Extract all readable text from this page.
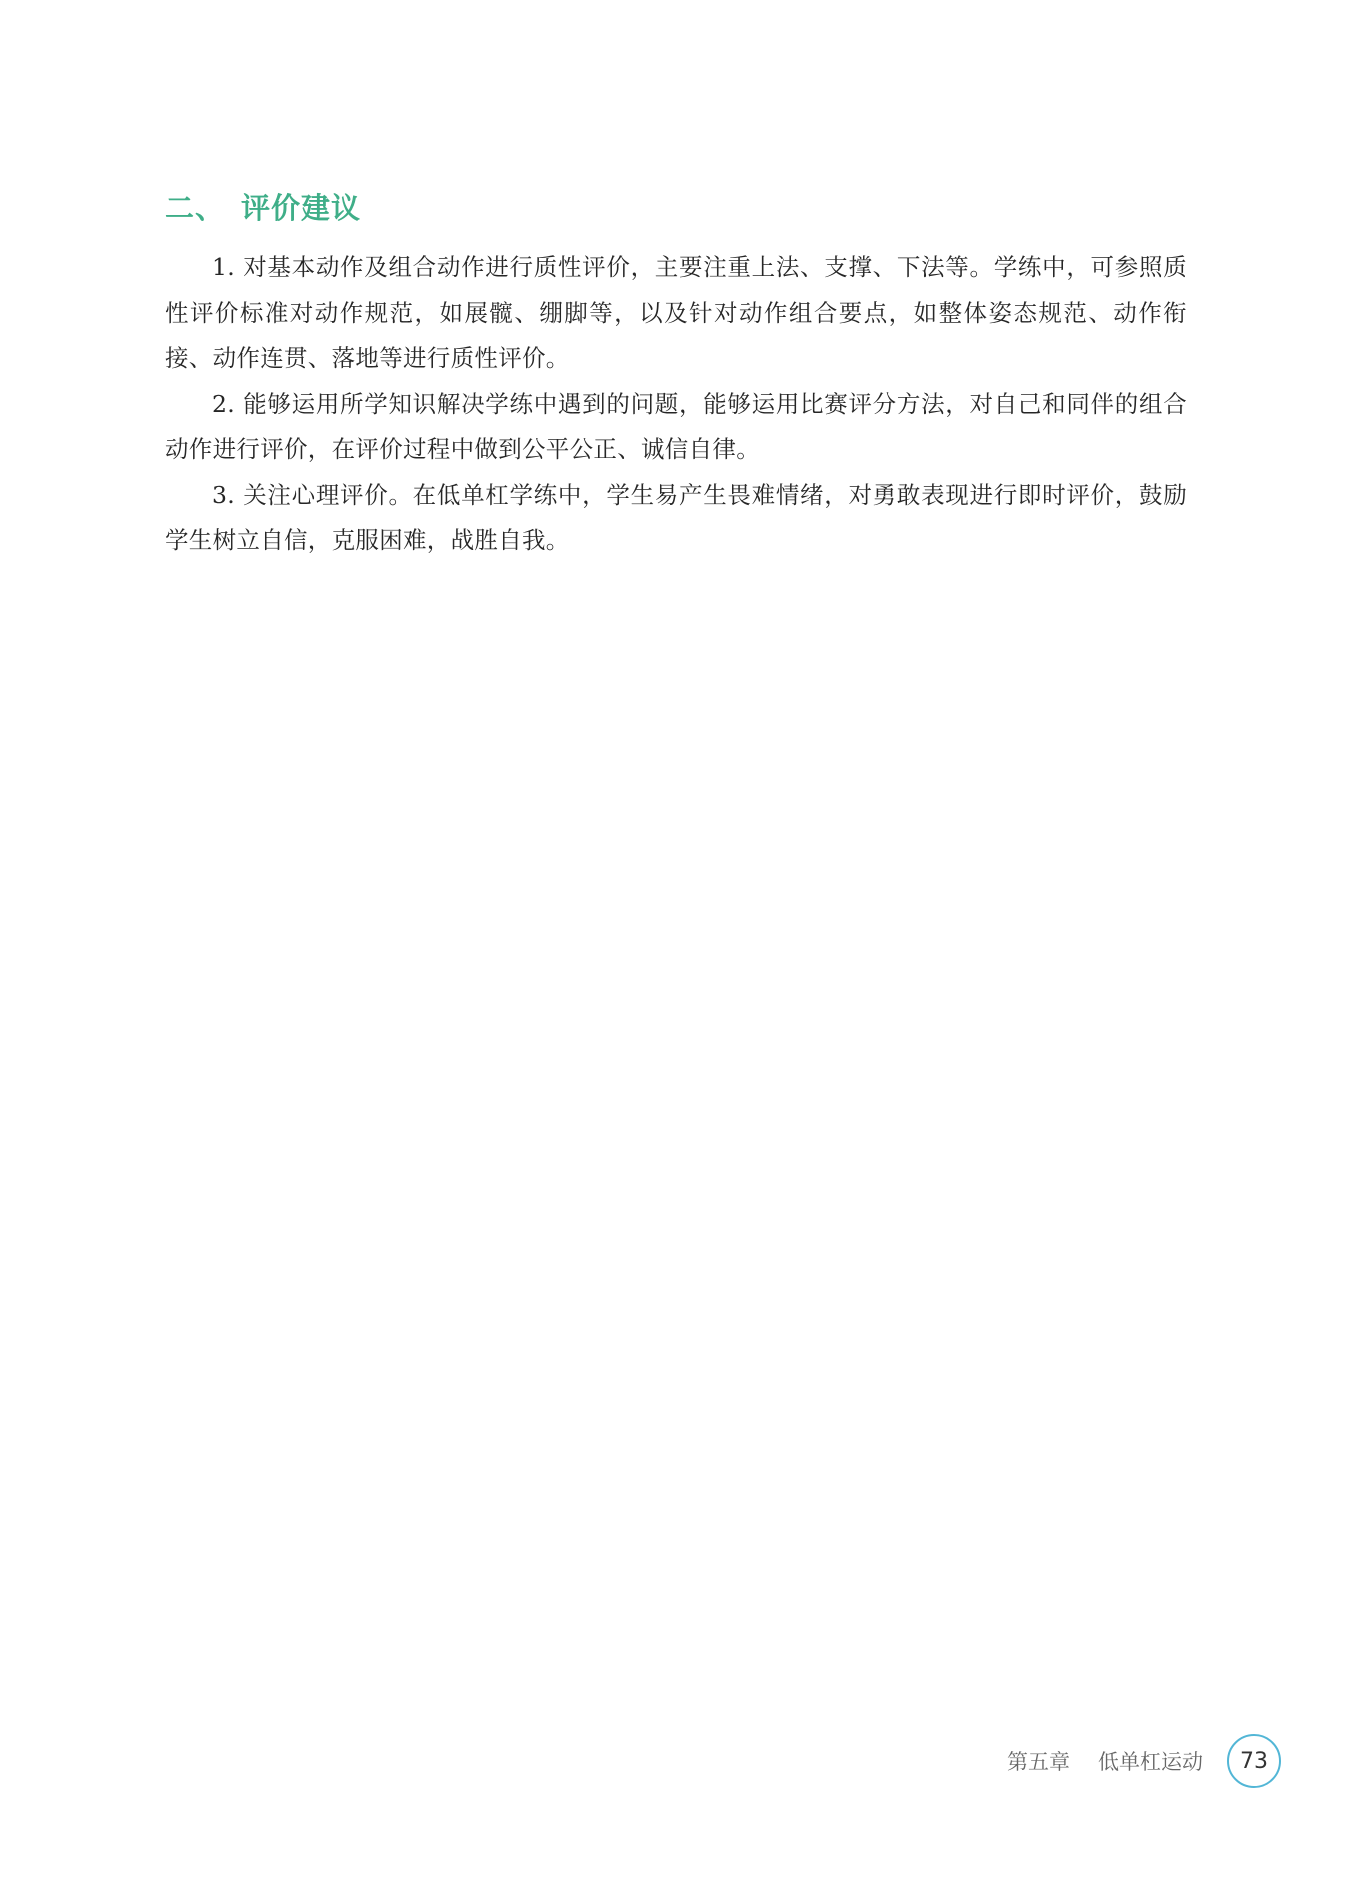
二、 评价建议

1. 对基本动作及组合动作进行质性评价，主要注重上法、支撑、下法等。学练中，可参照质性评价标准对动作规范，如展髋、绷脚等，以及针对动作组合要点，如整体姿态规范、动作衔接、动作连贯、落地等进行质性评价。

2. 能够运用所学知识解决学练中遇到的问题，能够运用比赛评分方法，对自己和同伴的组合动作进行评价，在评价过程中做到公平公正、诚信自律。

3. 关注心理评价。在低单杠学练中，学生易产生畏难情绪，对勇敢表现进行即时评价，鼓励学生树立自信，克服困难，战胜自我。

第五章 低单杠运动 73
